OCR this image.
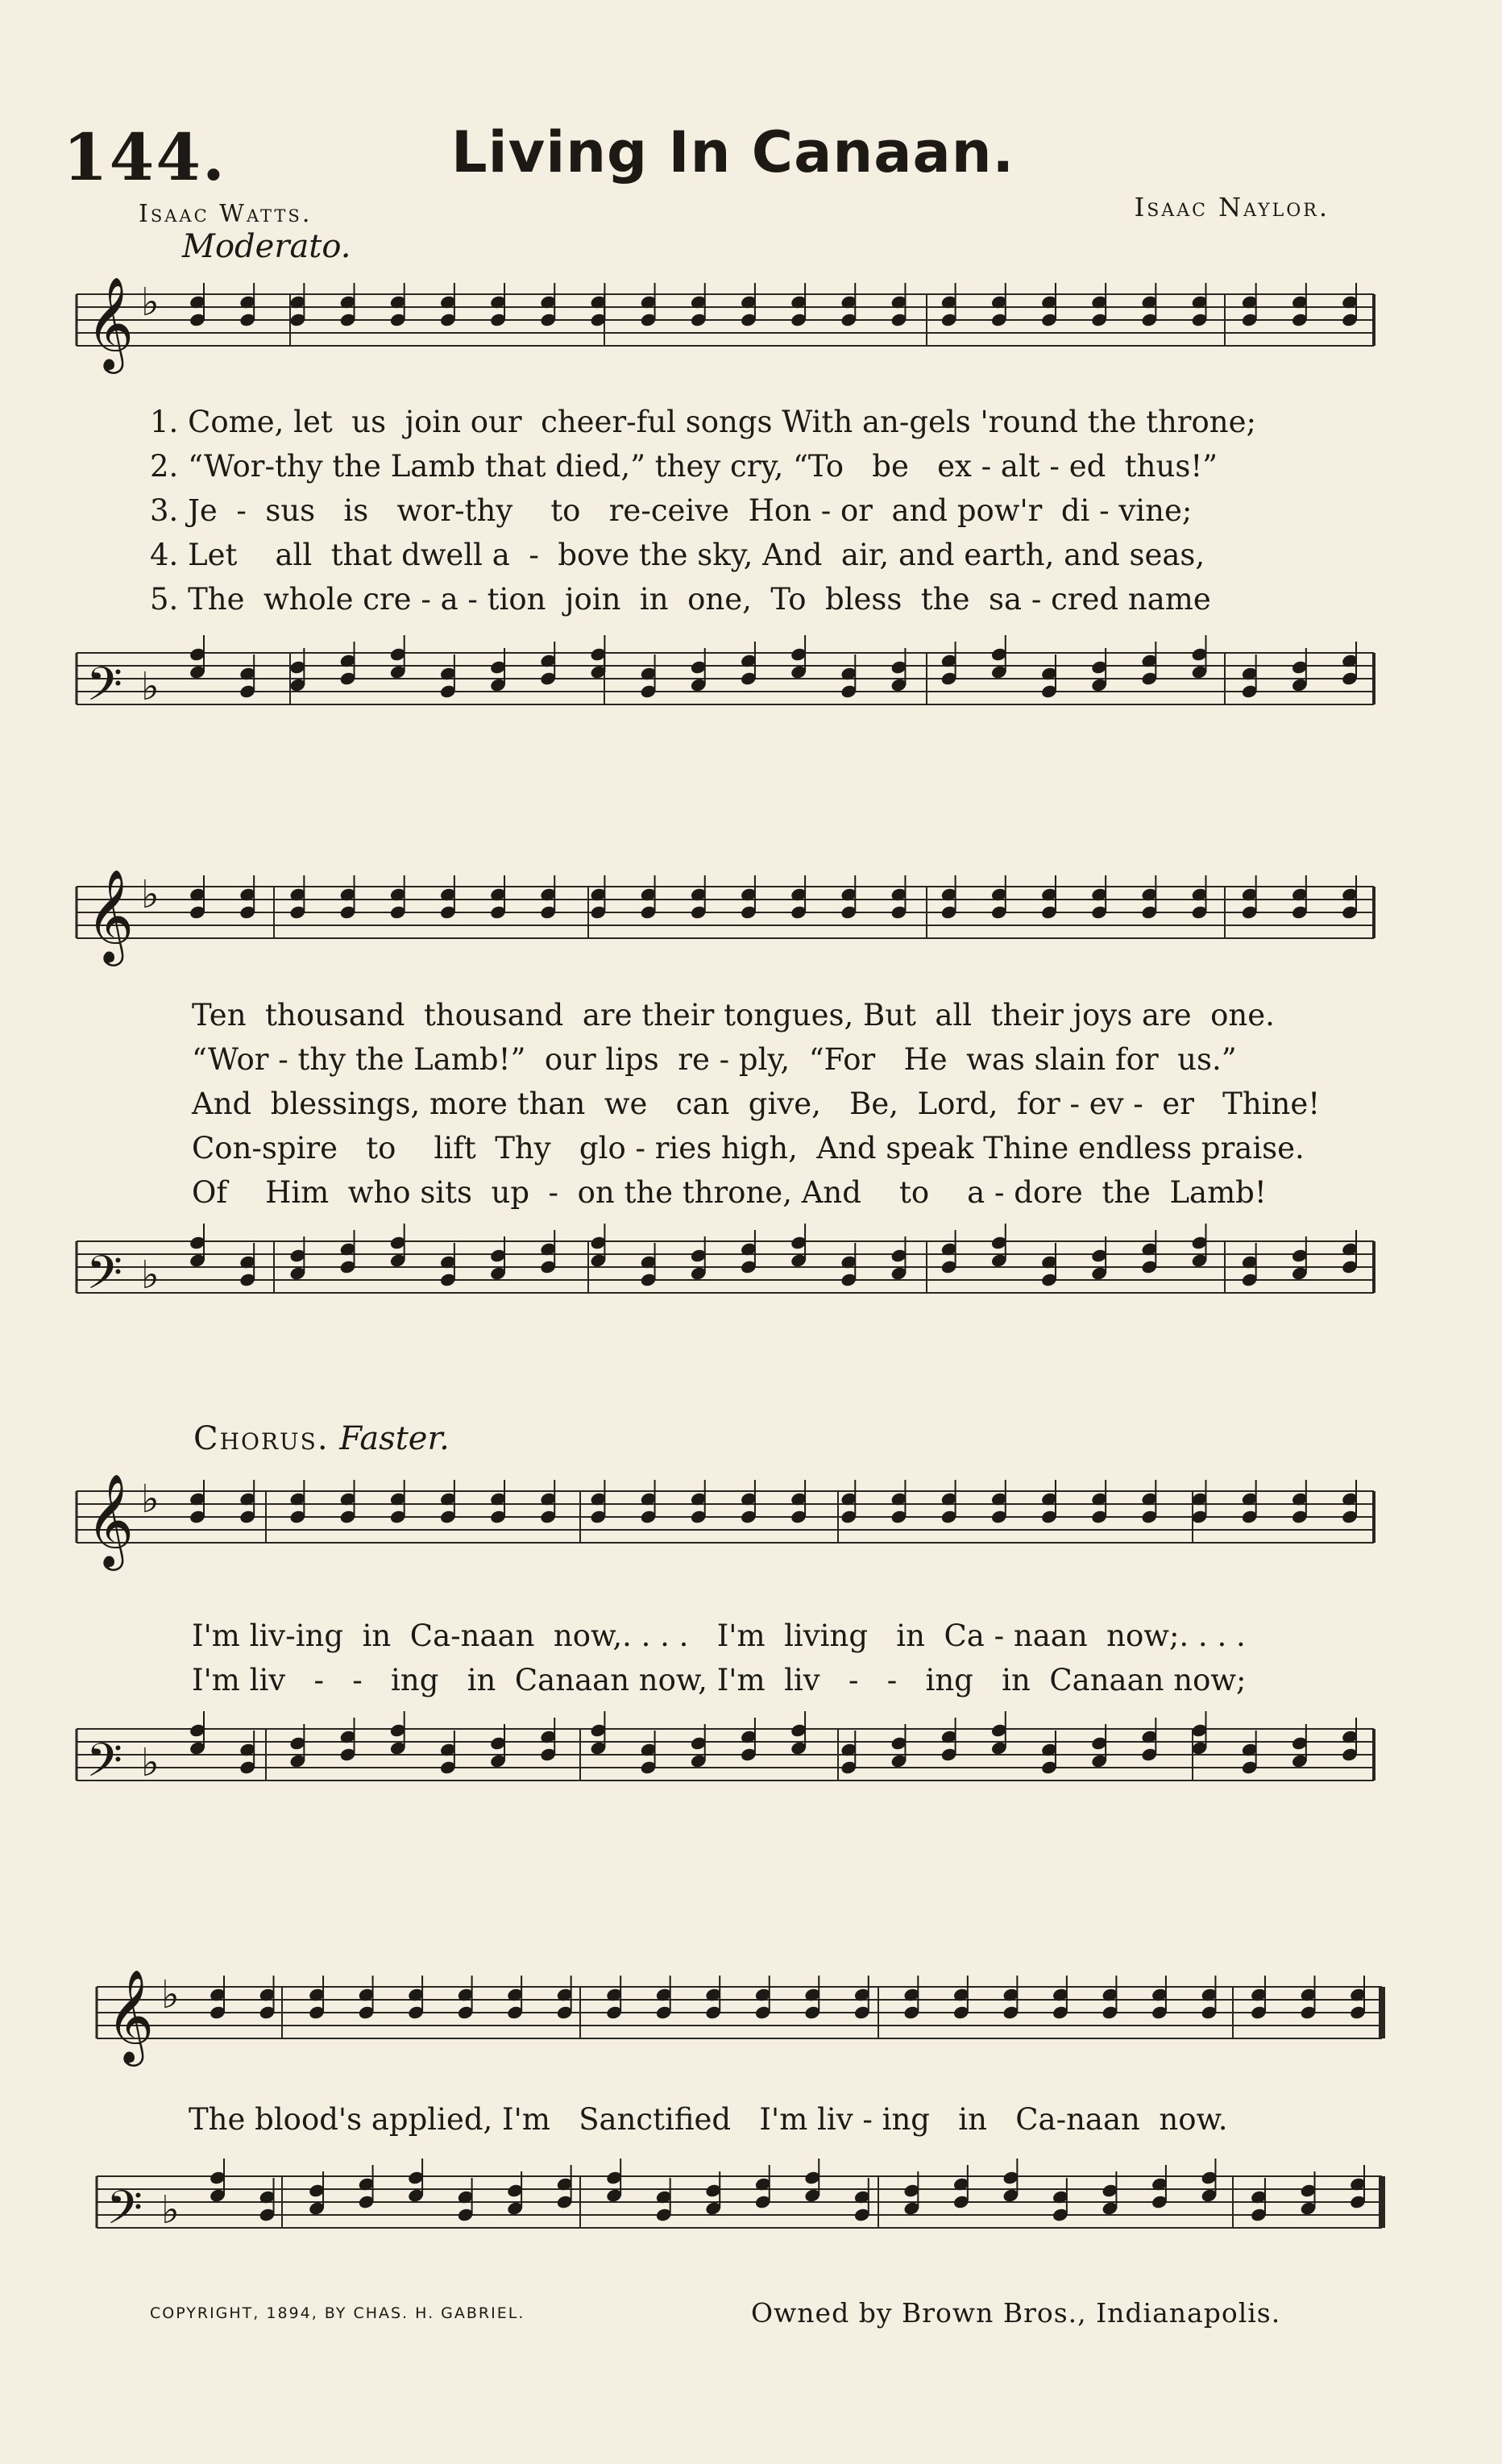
144.	Living In Canaan.
Isaac Watts.	Isaac Naylor.
Moderato.
𝄞 ♭
1. Come, let  us  join our  cheer-ful songs With an-gels 'round the throne;
2. “Wor-thy the Lamb that died,” they cry, “To   be   ex - alt - ed  thus!”
3. Je  -  sus   is   wor-thy    to   re-ceive  Hon - or  and pow'r  di - vine;
4. Let    all  that dwell a  -  bove the sky, And  air, and earth, and seas,
5. The  whole cre - a - tion  join  in  one,  To  bless  the  sa - cred name
𝄢 ♭
𝄞 ♭
Ten  thousand  thousand  are their tongues, But  all  their joys are  one.
“Wor - thy the Lamb!”  our lips  re - ply,  “For   He  was slain for  us.”
And  blessings, more than  we   can  give,   Be,  Lord,  for - ev -  er   Thine!
Con-spire   to    lift  Thy   glo - ries high,  And speak Thine endless praise.
Of    Him  who sits  up  -  on the throne, And    to    a - dore  the  Lamb!
𝄢 ♭
Chorus. Faster.
𝄞 ♭
I'm liv-ing  in  Ca-naan  now,. . . .   I'm  living   in  Ca - naan  now;. . . .
I'm liv   -   -   ing   in  Canaan now, I'm  liv   -   -   ing   in  Canaan now;
𝄢 ♭
𝄞 ♭
The blood's applied, I'm   Sanctified   I'm liv - ing   in   Ca-naan  now.
𝄢 ♭
COPYRIGHT, 1894, BY CHAS. H. GABRIEL.	Owned by Brown Bros., Indianapolis.
